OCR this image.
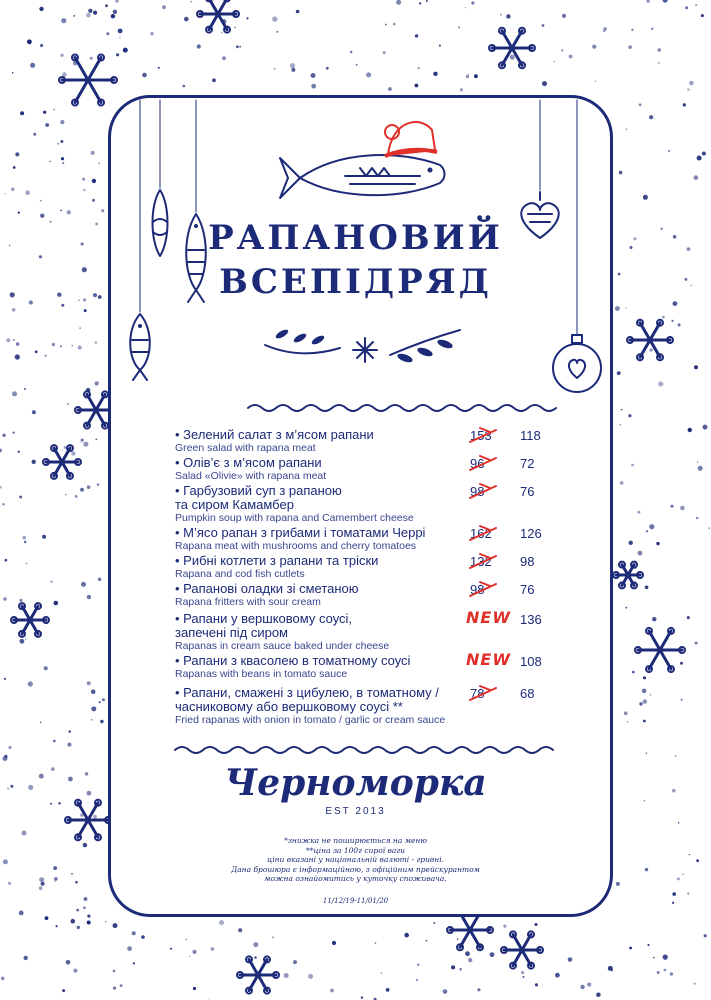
РАПАНОВИЙ
ВСЕПІДРЯД
• Зелений салат з м’ясом рапани
Green salad with rapana meat
153	118
• Олів’є з м’ясом рапани
Salad «Olivie» with rapana meat
96	72
• Гарбузовий суп з рапаною
та сиром Камамбер
Pumpkin soup with rapana and Camembert cheese
98	76
• М’ясо рапан з грибами і томатами Черрі
Rapana meat with mushrooms and cherry tomatoes
162	126
• Рибні котлети з рапани та тріски
Rapana and cod fish cutlets
132	98
• Рапанові оладки зі сметаною
Rapana fritters with sour cream
98	76
• Рапани у вершковому соусі,
запечені під сиром
Rapanas in cream sauce baked under cheese
NEW 136
• Рапани з квасолею в томатному соусі
Rapanas with beans in tomato sauce
NEW 108
• Рапани, смажені з цибулею, в томатному /
часниковому або вершковому соусі **
Fried rapanas with onion in tomato / garlic or cream sauce
78	68
Черноморка
EST 2013
*знижка не поширюється на меню
**ціна за 100г сирої ваги
ціни вказані у національній валюті - гривні.
Дана брошюра є інформаційною, з офіційним прейскурантом
можна ознайомитись у куточку споживача.
11/12/19-11/01/20
